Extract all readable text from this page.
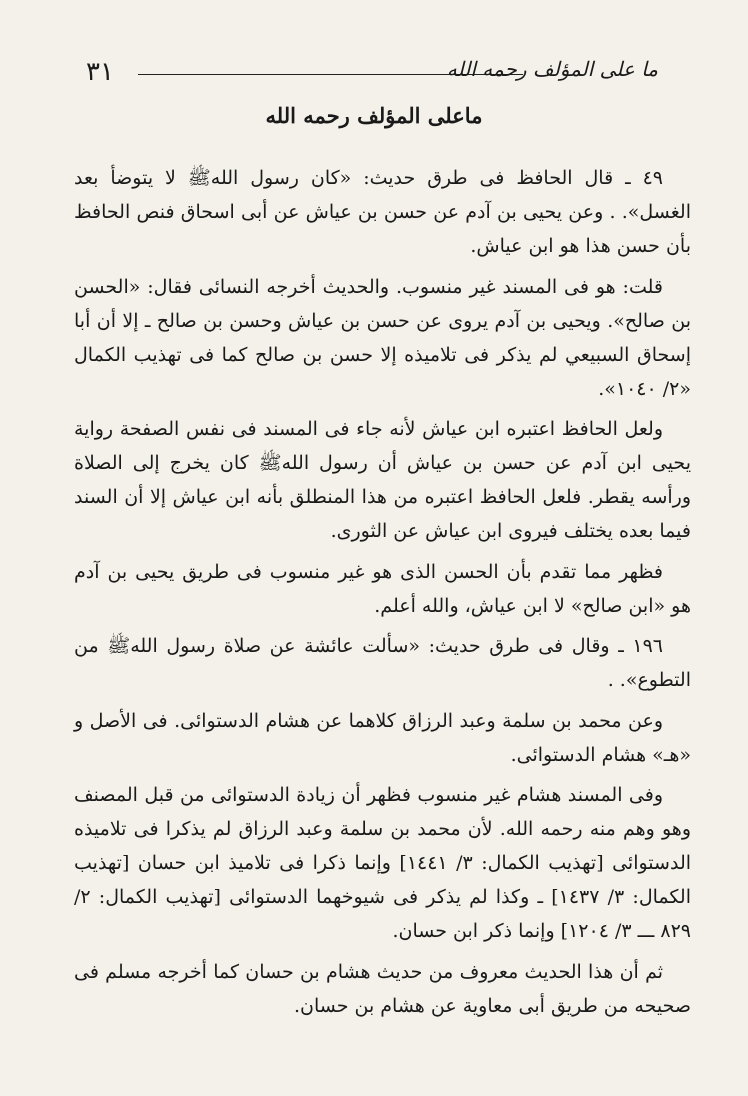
٣١	ما على المؤلف رحمه الله
ماعلى المؤلف رحمه الله

٤٩ ـ قال الحافظ فى طرق حديث: «كان رسول اللهﷺ لا يتوضأ بعد الغسل». . وعن يحيى بن آدم عن حسن بن عياش عن أبى اسحاق فنص الحافظ بأن حسن هذا هو ابن عياش.

قلت: هو فى المسند غير منسوب. والحديث أخرجه النسائى فقال: «الحسن بن صالح». ويحيى بن آدم يروى عن حسن بن عياش وحسن بن صالح ـ إلا أن أبا إسحاق السبيعي لم يذكر فى تلاميذه إلا حسن بن صالح كما فى تهذيب الكمال «٢/ ١٠٤٠».

ولعل الحافظ اعتبره ابن عياش لأنه جاء فى المسند فى نفس الصفحة رواية يحيى ابن آدم عن حسن بن عياش أن رسول اللهﷺ كان يخرج إلى الصلاة ورأسه يقطر. فلعل الحافظ اعتبره من هذا المنطلق بأنه ابن عياش إلا أن السند فيما بعده يختلف فيروى ابن عياش عن الثورى.

فظهر مما تقدم بأن الحسن الذى هو غير منسوب فى طريق يحيى بن آدم هو «ابن صالح» لا ابن عياش، والله أعلم.

١٩٦ ـ وقال فى طرق حديث: «سألت عائشة عن صلاة رسول اللهﷺ من التطوع». .

وعن محمد بن سلمة وعبد الرزاق كلاهما عن هشام الدستوائى. فى الأصل و «هـ» هشام الدستوائى.

وفى المسند هشام غير منسوب فظهر أن زيادة الدستوائى من قبل المصنف وهو وهم منه رحمه الله. لأن محمد بن سلمة وعبد الرزاق لم يذكرا فى تلاميذه الدستوائى [تهذيب الكمال: ٣/ ١٤٤١] وإنما ذكرا فى تلاميذ ابن حسان [تهذيب الكمال: ٣/ ١٤٣٧] ـ وكذا لم يذكر فى شيوخهما الدستوائى [تهذيب الكمال: ٢/ ٨٢٩ ـــ ٣/ ١٢٠٤] وإنما ذكر ابن حسان.

ثم أن هذا الحديث معروف من حديث هشام بن حسان كما أخرجه مسلم فى صحيحه من طريق أبى معاوية عن هشام بن حسان.
